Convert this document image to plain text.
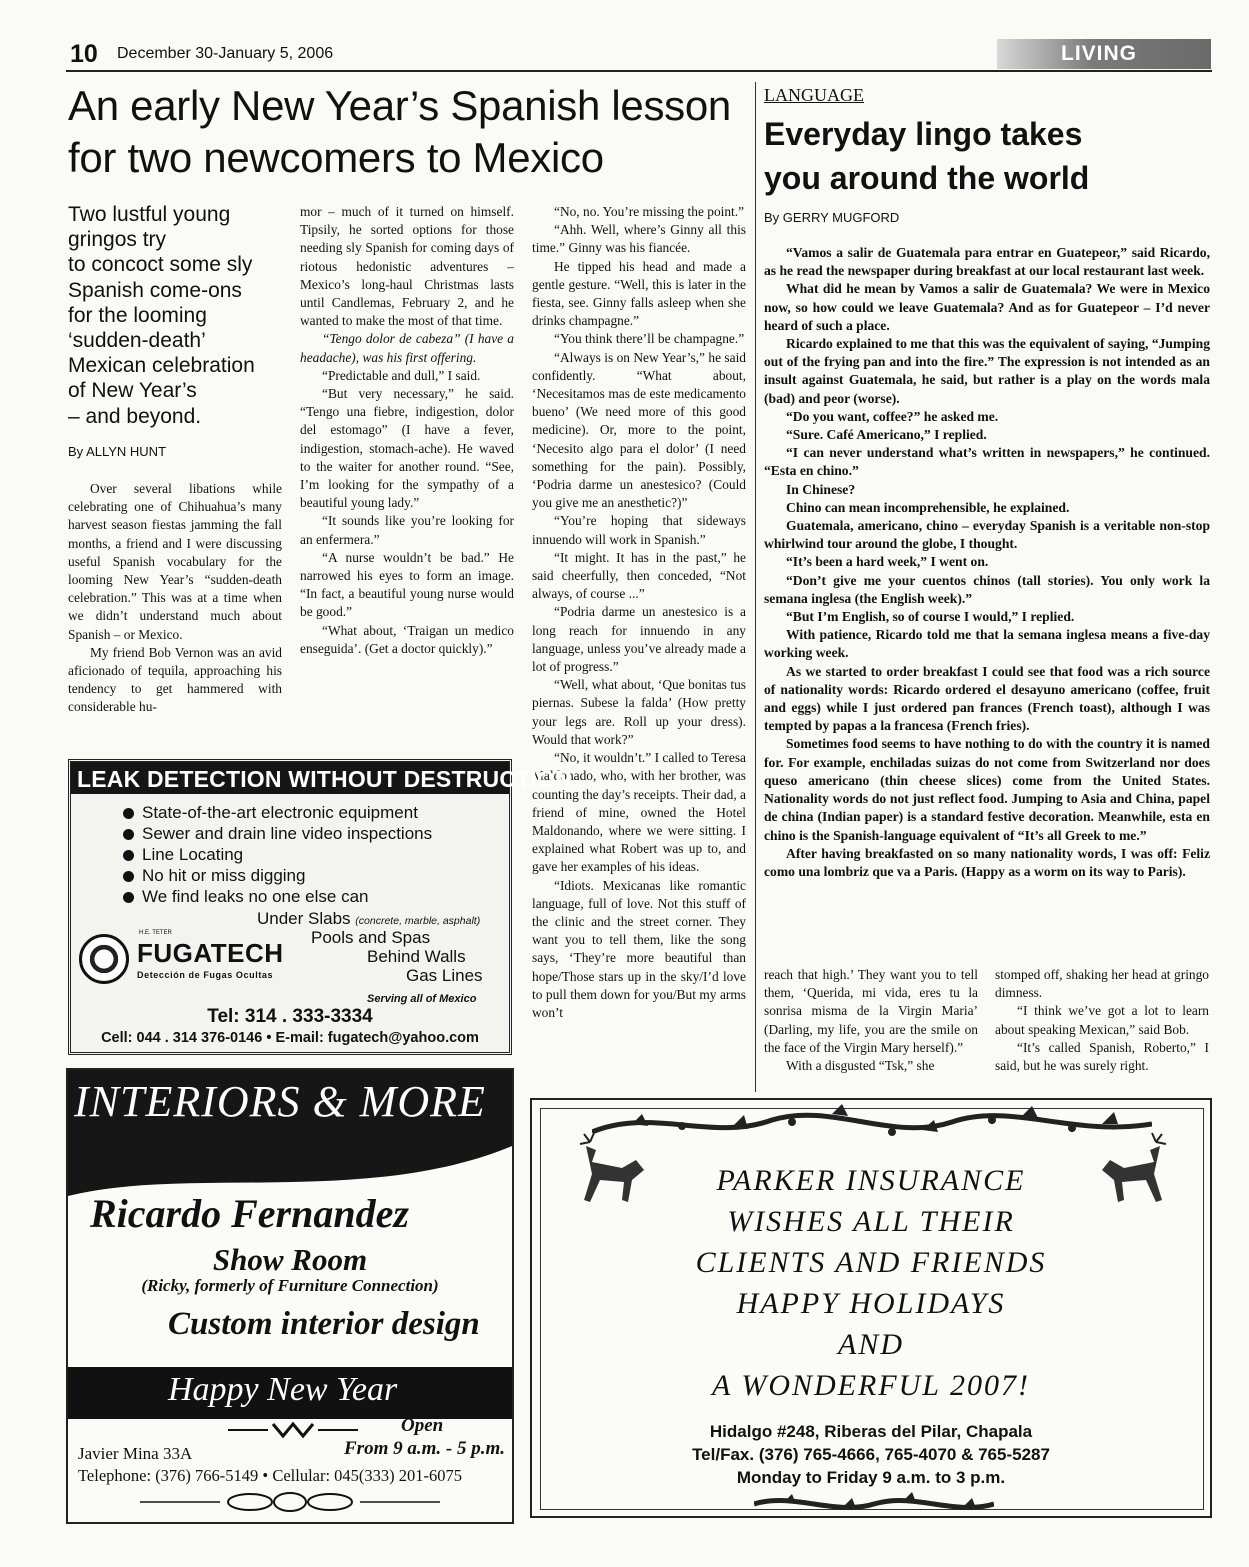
10 December 30-January 5, 2006	LIVING
An early New Year’s Spanish lesson
for two newcomers to Mexico
Two lustful young
gringos try
to concoct some sly
Spanish come-ons
for the looming
‘sudden-death’
Mexican celebration
of New Year’s
– and beyond.
By ALLYN HUNT

Over several libations while celebrating one of Chihuahua’s many harvest season fiestas jamming the fall months, a friend and I were discussing useful Spanish vocabulary for the looming New Year’s “sudden-death celebration.” This was at a time when we didn’t understand much about Spanish – or Mexico.

My friend Bob Vernon was an avid aficionado of tequila, approaching his tendency to get hammered with considerable hu-

mor – much of it turned on himself. Tipsily, he sorted options for those needing sly Spanish for coming days of riotous hedonistic adventures – Mexico’s long-haul Christmas lasts until Candlemas, February 2, and he wanted to make the most of that time.

“Tengo dolor de cabeza” (I have a headache), was his first offering.

“Predictable and dull,” I said.

“But very necessary,” he said. “Tengo una fiebre, indigestion, dolor del estomago” (I have a fever, indigestion, stomach-ache). He waved to the waiter for another round. “See, I’m looking for the sympathy of a beautiful young lady.”

“It sounds like you’re looking for an enfermera.”

“A nurse wouldn’t be bad.” He narrowed his eyes to form an image. “In fact, a beautiful young nurse would be good.”

“What about, ‘Traigan un medico enseguida’. (Get a doctor quickly).”

“No, no. You’re missing the point.”

“Ahh. Well, where’s Ginny all this time.” Ginny was his fiancée.

He tipped his head and made a gentle gesture. “Well, this is later in the fiesta, see. Ginny falls asleep when she drinks champagne.”

“You think there’ll be champagne.”

“Always is on New Year’s,” he said confidently. “What about, ‘Necesitamos mas de este medicamento bueno’ (We need more of this good medicine). Or, more to the point, ‘Necesito algo para el dolor’ (I need something for the pain). Possibly, ‘Podria darme un anestesico? (Could you give me an anesthetic?)”

“You’re hoping that sideways innuendo will work in Spanish.”

“It might. It has in the past,” he said cheerfully, then conceded, “Not always, of course ...”

“Podria darme un anestesico is a long reach for innuendo in any language, unless you’ve already made a lot of progress.”

“Well, what about, ‘Que bonitas tus piernas. Subese la falda’ (How pretty your legs are. Roll up your dress). Would that work?”

“No, it wouldn’t.” I called to Teresa Maldonado, who, with her brother, was counting the day’s receipts. Their dad, a friend of mine, owned the Hotel Maldonando, where we were sitting. I explained what Robert was up to, and gave her examples of his ideas.

“Idiots. Mexicanas like romantic language, full of love. Not this stuff of the clinic and the street corner. They want you to tell them, like the song says, ‘They’re more beautiful than hope/Those stars up in the sky/I’d love to pull them down for you/But my arms won’t

reach that high.’ They want you to tell them, ‘Querida, mi vida, eres tu la sonrisa misma de la Virgin Maria’ (Darling, my life, you are the smile on the face of the Virgin Mary herself).”

With a disgusted “Tsk,” she

stomped off, shaking her head at gringo dimness.

“I think we’ve got a lot to learn about speaking Mexican,” said Bob.

“It’s called Spanish, Roberto,” I said, but he was surely right.

LANGUAGE
Everyday lingo takes
you around the world
By GERRY MUGFORD

“Vamos a salir de Guatemala para entrar en Guatepeor,” said Ricardo, as he read the newspaper during breakfast at our local restaurant last week.

What did he mean by Vamos a salir de Guatemala? We were in Mexico now, so how could we leave Guatemala? And as for Guatepeor – I’d never heard of such a place.

Ricardo explained to me that this was the equivalent of saying, “Jumping out of the frying pan and into the fire.” The expression is not intended as an insult against Guatemala, he said, but rather is a play on the words mala (bad) and peor (worse).

“Do you want, coffee?” he asked me.

“Sure. Café Americano,” I replied.

“I can never understand what’s written in newspapers,” he continued. “Esta en chino.”

In Chinese?

Chino can mean incomprehensible, he explained.

Guatemala, americano, chino – everyday Spanish is a veritable non-stop whirlwind tour around the globe, I thought.

“It’s been a hard week,” I went on.

“Don’t give me your cuentos chinos (tall stories). You only work la semana inglesa (the English week).”

“But I’m English, so of course I would,” I replied.

With patience, Ricardo told me that la semana inglesa means a five-day working week.

As we started to order breakfast I could see that food was a rich source of nationality words: Ricardo ordered el desayuno americano (coffee, fruit and eggs) while I just ordered pan frances (French toast), although I was tempted by papas a la francesa (French fries).

Sometimes food seems to have nothing to do with the country it is named for. For example, enchiladas suizas do not come from Switzerland nor does queso americano (thin cheese slices) come from the United States. Nationality words do not just reflect food. Jumping to Asia and China, papel de china (Indian paper) is a standard festive decoration. Meanwhile, esta en chino is the Spanish-language equivalent of “It’s all Greek to me.”

After having breakfasted on so many nationality words, I was off: Feliz como una lombriz que va a Paris. (Happy as a worm on its way to Paris).

LEAK DETECTION WITHOUT DESTRUCTION
State-of-the-art electronic equipment
Sewer and drain line video inspections
Line Locating
No hit or miss digging
We find leaks no one else can
Under Slabs (concrete, marble, asphalt)
Pools and Spas
Behind Walls
Gas Lines
H.E. TETER
FUGATECH
Detección de Fugas Ocultas
Serving all of Mexico
Tel: 314 . 333-3334
Cell: 044 . 314 376-0146 • E-mail: fugatech@yahoo.com
INTERIORS & MORE
Ricardo Fernandez
Show Room
(Ricky, formerly of Furniture Connection)
Custom interior design
Happy New Year
Open
From 9 a.m. - 5 p.m.
Javier Mina 33A
Telephone: (376) 766-5149 • Cellular: 045(333) 201-6075
PARKER INSURANCE
WISHES ALL THEIR
CLIENTS AND FRIENDS
HAPPY HOLIDAYS
AND
A WONDERFUL 2007!
Hidalgo #248, Riberas del Pilar, Chapala
Tel/Fax. (376) 765-4666, 765-4070 & 765-5287
Monday to Friday 9 a.m. to 3 p.m.
